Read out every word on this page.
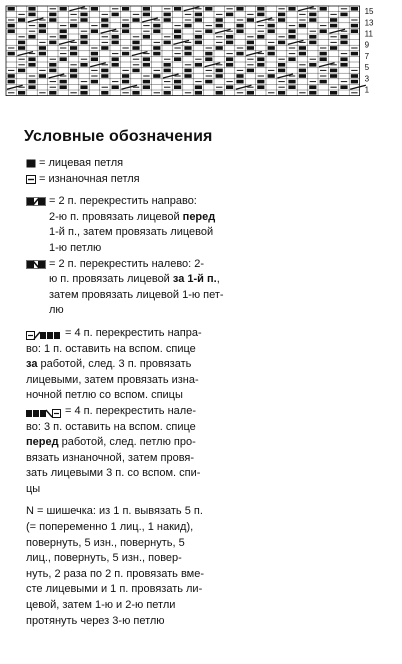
15
13
11
9
7
5
3
1
Условные обозначения
= лицевая петля
= изнаночная петля
= 2 п. перекрестить направо:
2-ю п. провязать лицевой перед
1-й п., затем провязать лицевой
1-ю петлю
= 2 п. перекрестить налево: 2-
ю п. провязать лицевой за 1-й п.,
затем провязать лицевой 1-ю пет-
лю
= 4 п. перекрестить напра-
во: 1 п. оставить на вспом. спице
за работой, след. 3 п. провязать
лицевыми, затем провязать изна-
ночной петлю со вспом. спицы
= 4 п. перекрестить нале-
во: 3 п. оставить на вспом. спице
перед работой, след. петлю про-
вязать изнаночной, затем провя-
зать лицевыми 3 п. со вспом. спи-
цы
N = шишечка: из 1 п. вывязать 5 п.
(= попеременно 1 лиц., 1 накид),
повернуть, 5 изн., повернуть, 5
лиц., повернуть, 5 изн., повер-
нуть, 2 раза по 2 п. провязать вме-
сте лицевыми и 1 п. провязать ли-
цевой, затем 1-ю и 2-ю петли
протянуть через 3-ю петлю
